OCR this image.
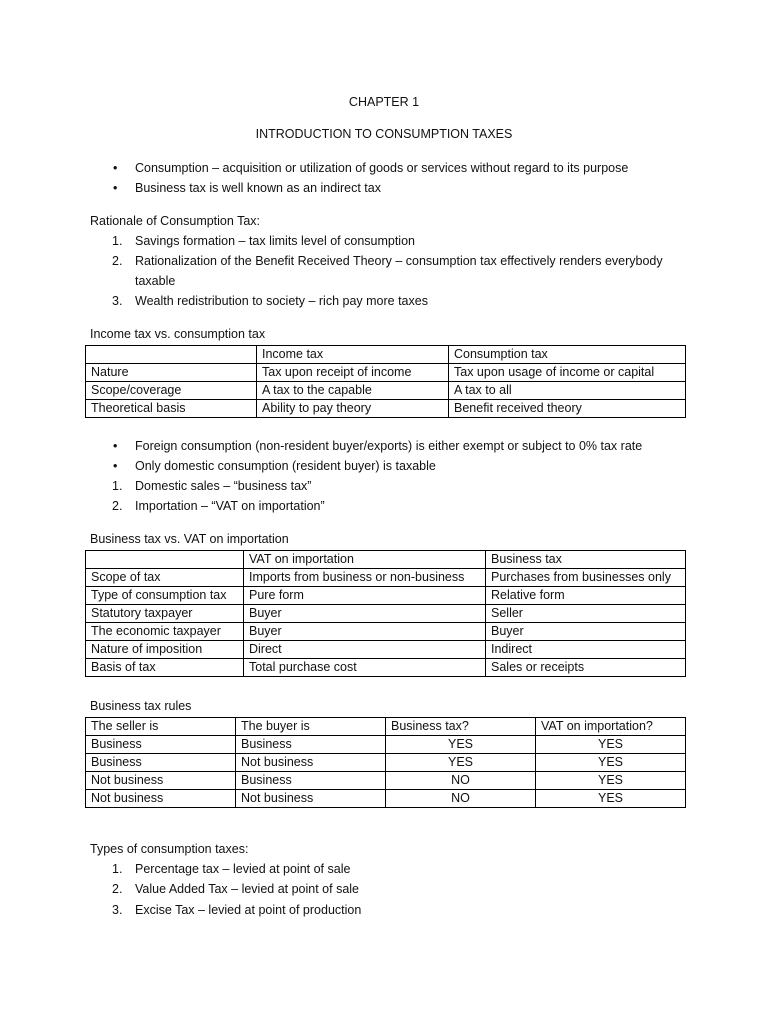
CHAPTER 1
INTRODUCTION TO CONSUMPTION TAXES
• Consumption – acquisition or utilization of goods or services without regard to its purpose
• Business tax is well known as an indirect tax
Rationale of Consumption Tax:
1. Savings formation – tax limits level of consumption
2. Rationalization of the Benefit Received Theory – consumption tax effectively renders everybody
taxable
3. Wealth redistribution to society – rich pay more taxes
Income tax vs. consumption tax
	Income tax	Consumption tax
Nature	Tax upon receipt of income	Tax upon usage of income or capital
Scope/coverage	A tax to the capable	A tax to all
Theoretical basis	Ability to pay theory	Benefit received theory
• Foreign consumption (non-resident buyer/exports) is either exempt or subject to 0% tax rate
• Only domestic consumption (resident buyer) is taxable
1. Domestic sales – “business tax”
2. Importation – “VAT on importation”
Business tax vs. VAT on importation
	VAT on importation	Business tax
Scope of tax	Imports from business or non-business	Purchases from businesses only
Type of consumption tax	Pure form	Relative form
Statutory taxpayer	Buyer	Seller
The economic taxpayer	Buyer	Buyer
Nature of imposition	Direct	Indirect
Basis of tax	Total purchase cost	Sales or receipts
Business tax rules
The seller is	The buyer is	Business tax?	VAT on importation?
Business	Business	YES	YES
Business	Not business	YES	YES
Not business	Business	NO	YES
Not business	Not business	NO	YES
Types of consumption taxes:
1. Percentage tax – levied at point of sale
2. Value Added Tax – levied at point of sale
3. Excise Tax – levied at point of production
